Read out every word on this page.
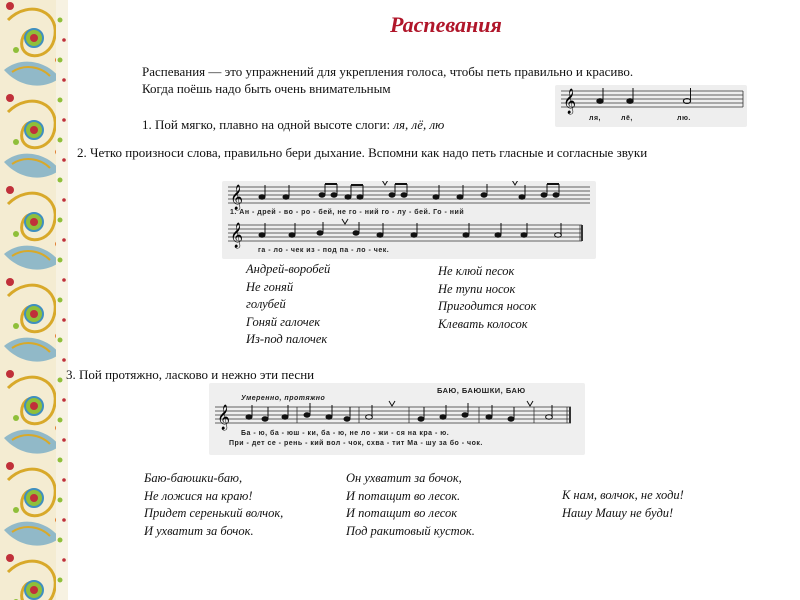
Распевания
Распевания — это упражнений для укрепления голоса, чтобы петь правильно и красиво.
Когда поёшь надо быть очень внимательным
1. Пой мягко, плавно на одной высоте слоги: ля, лё, лю
𝄞
ля,	лё,	лю.
2. Четко произноси слова, правильно бери дыхание. Вспомни как надо петь гласные и согласные звуки
𝄞
𝄞
1. Ан - дрей - во - ро - бей, не го - ний го - лу - бей. Го - ний
га - ло - чек из - под па - ло - чек.
Андрей-воробей
Не гоняй
голубей
Гоняй галочек
Из-под палочек
Не клюй песок
Не тупи носок
Пригодится носок
Клевать колосок
3. Пой протяжно, ласково и нежно эти песни
БАЮ, БАЮШКИ, БАЮ
Умеренно, протяжно
𝄞
Ба - ю, ба - юш - ки, ба - ю, не ло - жи - ся на кра - ю.
При - дет се - рень - кий вол - чок, схва - тит Ма - шу за бо - чок.
Баю-баюшки-баю,
Не ложися на краю!
Придет серенький волчок,
И ухватит за бочок.
Он ухватит за бочок,
И потащит во лесок.
И потащит во лесок
Под ракитовый кусток.
К нам, волчок, не ходи!
Нашу Машу не буди!
